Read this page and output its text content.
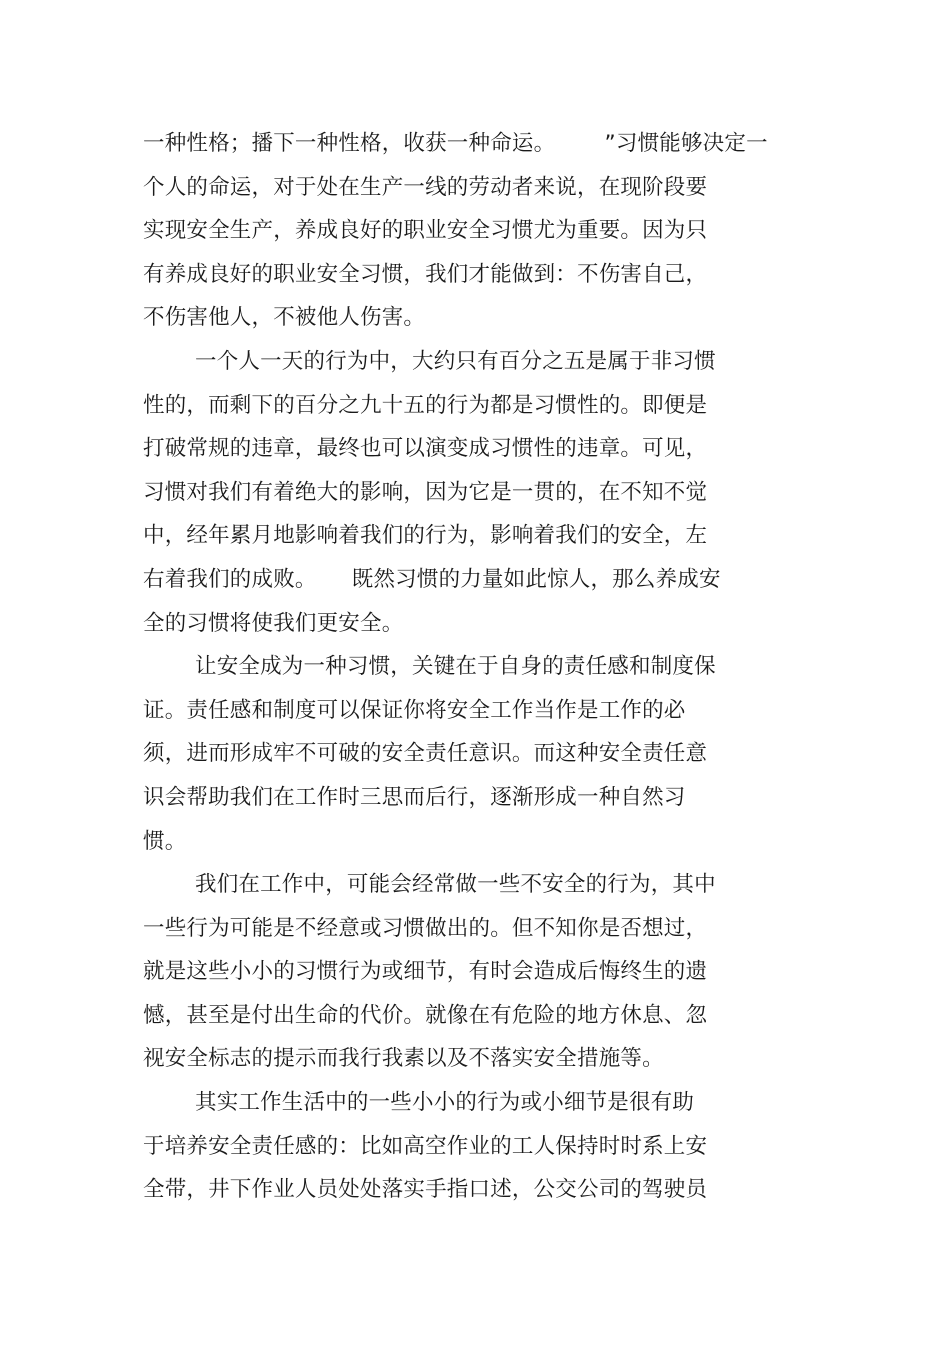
一种性格；播下一种性格，收获一种命运。       ”习惯能够决定一
个人的命运，对于处在生产一线的劳动者来说，在现阶段要
实现安全生产，养成良好的职业安全习惯尤为重要。因为只
有养成良好的职业安全习惯，我们才能做到：不伤害自己，
不伤害他人，不被他人伤害。
一个人一天的行为中，大约只有百分之五是属于非习惯
性的，而剩下的百分之九十五的行为都是习惯性的。即便是
打破常规的违章，最终也可以演变成习惯性的违章。可见，
习惯对我们有着绝大的影响，因为它是一贯的，在不知不觉
中，经年累月地影响着我们的行为，影响着我们的安全，左
右着我们的成败。     既然习惯的力量如此惊人，那么养成安
全的习惯将使我们更安全。
让安全成为一种习惯，关键在于自身的责任感和制度保
证。责任感和制度可以保证你将安全工作当作是工作的必
须，进而形成牢不可破的安全责任意识。而这种安全责任意
识会帮助我们在工作时三思而后行，逐渐形成一种自然习
惯。
我们在工作中，可能会经常做一些不安全的行为，其中
一些行为可能是不经意或习惯做出的。但不知你是否想过，
就是这些小小的习惯行为或细节，有时会造成后悔终生的遗
憾，甚至是付出生命的代价。就像在有危险的地方休息、忽
视安全标志的提示而我行我素以及不落实安全措施等。
其实工作生活中的一些小小的行为或小细节是很有助
于培养安全责任感的：比如高空作业的工人保持时时系上安
全带，井下作业人员处处落实手指口述，公交公司的驾驶员
